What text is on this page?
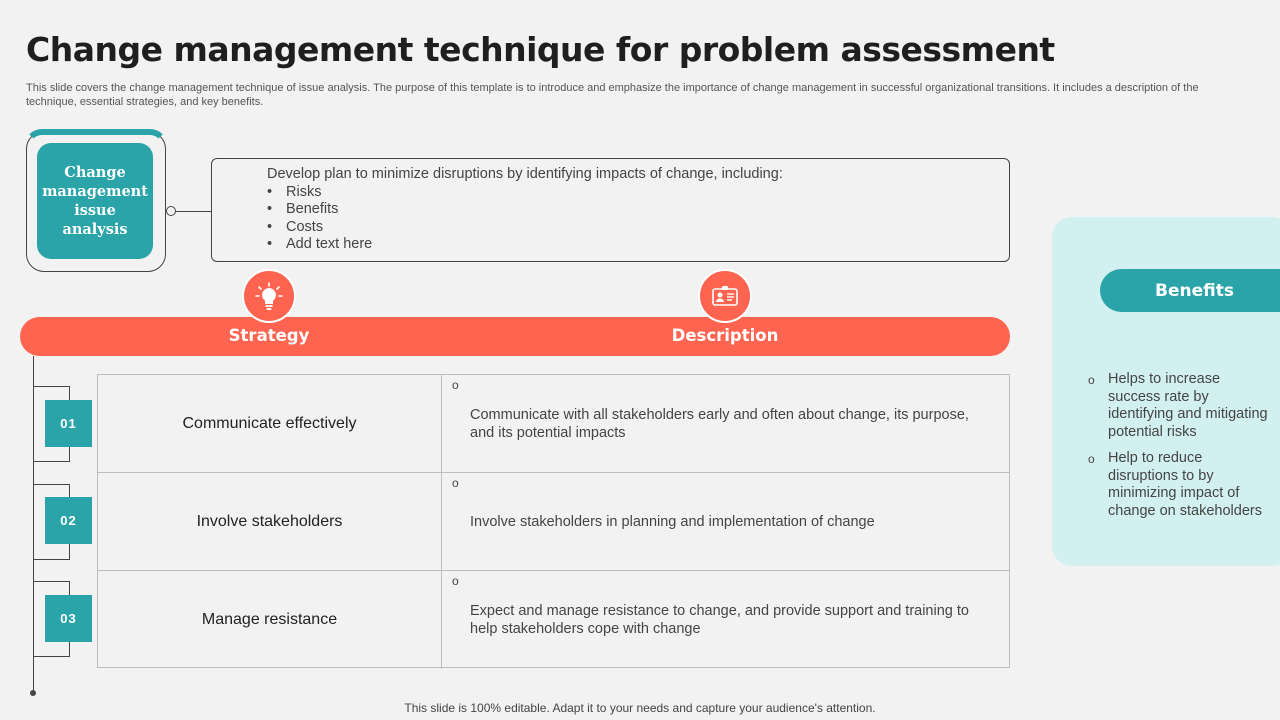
Change management technique for problem assessment
This slide covers the change management technique of issue analysis. The purpose of this template is to introduce and emphasize the importance of change management in successful organizational transitions. It includes a description of the technique, essential strategies, and key benefits.
Change management issue analysis
Develop plan to minimize disruptions by identifying impacts of change, including:
• Risks
• Benefits
• Costs
• Add text here
Strategy	Description
01
02
03
Communicate effectively
o
Communicate with all stakeholders early and often about change, its purpose, and its potential impacts
Involve stakeholders
o
Involve stakeholders in planning and implementation of change
Manage resistance
o
Expect and manage resistance to change, and provide support and training to help stakeholders cope with change
Benefits
o Helps to increase success rate by identifying and mitigating potential risks
o Help to reduce disruptions to by minimizing impact of change on stakeholders
This slide is 100% editable. Adapt it to your needs and capture your audience's attention.
